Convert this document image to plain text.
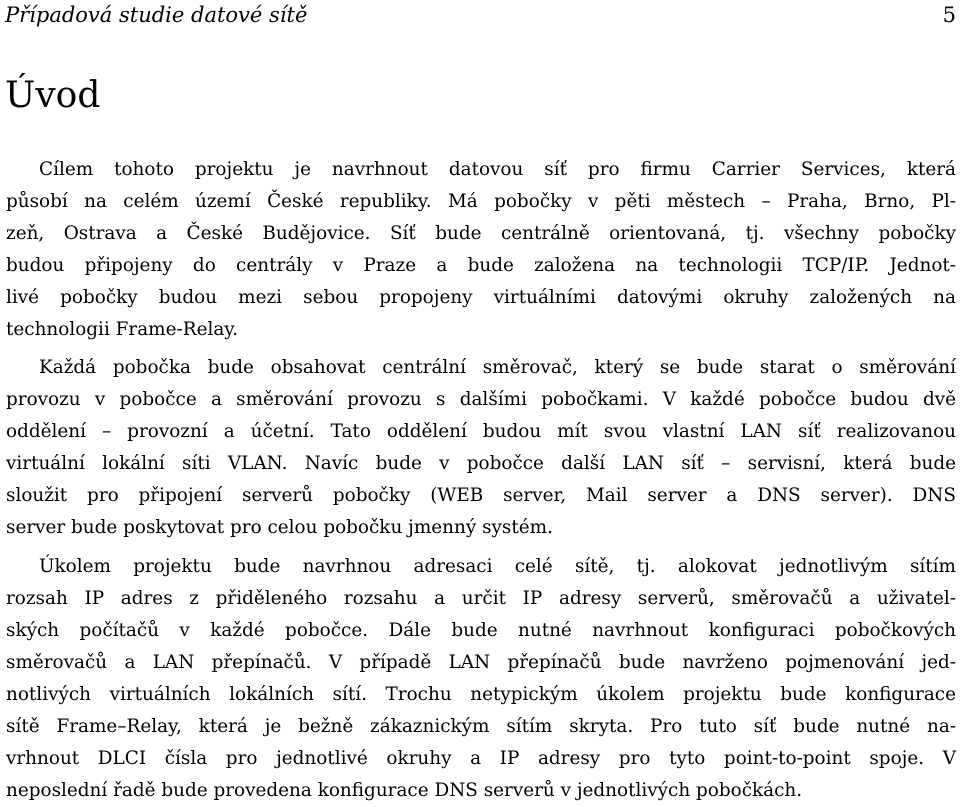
Případová studie datové sítě	5
Úvod
Cílem tohoto projektu je navrhnout datovou síť pro firmu Carrier Services, která
působí na celém území České republiky. Má pobočky v pěti městech – Praha, Brno, Pl-
zeň, Ostrava a České Budějovice. Síť bude centrálně orientovaná, tj. všechny pobočky
budou připojeny do centrály v Praze a bude založena na technologii TCP/IP. Jednot-
livé pobočky budou mezi sebou propojeny virtuálními datovými okruhy založených na
technologii Frame-Relay.
Každá pobočka bude obsahovat centrální směrovač, který se bude starat o směrování
provozu v pobočce a směrování provozu s dalšími pobočkami. V každé pobočce budou dvě
oddělení – provozní a účetní. Tato oddělení budou mít svou vlastní LAN síť realizovanou
virtuální lokální síti VLAN. Navíc bude v pobočce další LAN síť – servisní, která bude
sloužit pro připojení serverů pobočky (WEB server, Mail server a DNS server). DNS
server bude poskytovat pro celou pobočku jmenný systém.
Úkolem projektu bude navrhnou adresaci celé sítě, tj. alokovat jednotlivým sítím
rozsah IP adres z přiděleného rozsahu a určit IP adresy serverů, směrovačů a uživatel-
ských počítačů v každé pobočce. Dále bude nutné navrhnout konfiguraci pobočkových
směrovačů a LAN přepínačů. V případě LAN přepínačů bude navrženo pojmenování jed-
notlivých virtuálních lokálních sítí. Trochu netypickým úkolem projektu bude konfigurace
sítě Frame–Relay, která je bežně zákaznickým sítím skryta. Pro tuto síť bude nutné na-
vrhnout DLCI čísla pro jednotlivé okruhy a IP adresy pro tyto point-to-point spoje. V
neposlední řadě bude provedena konfigurace DNS serverů v jednotlivých pobočkách.
